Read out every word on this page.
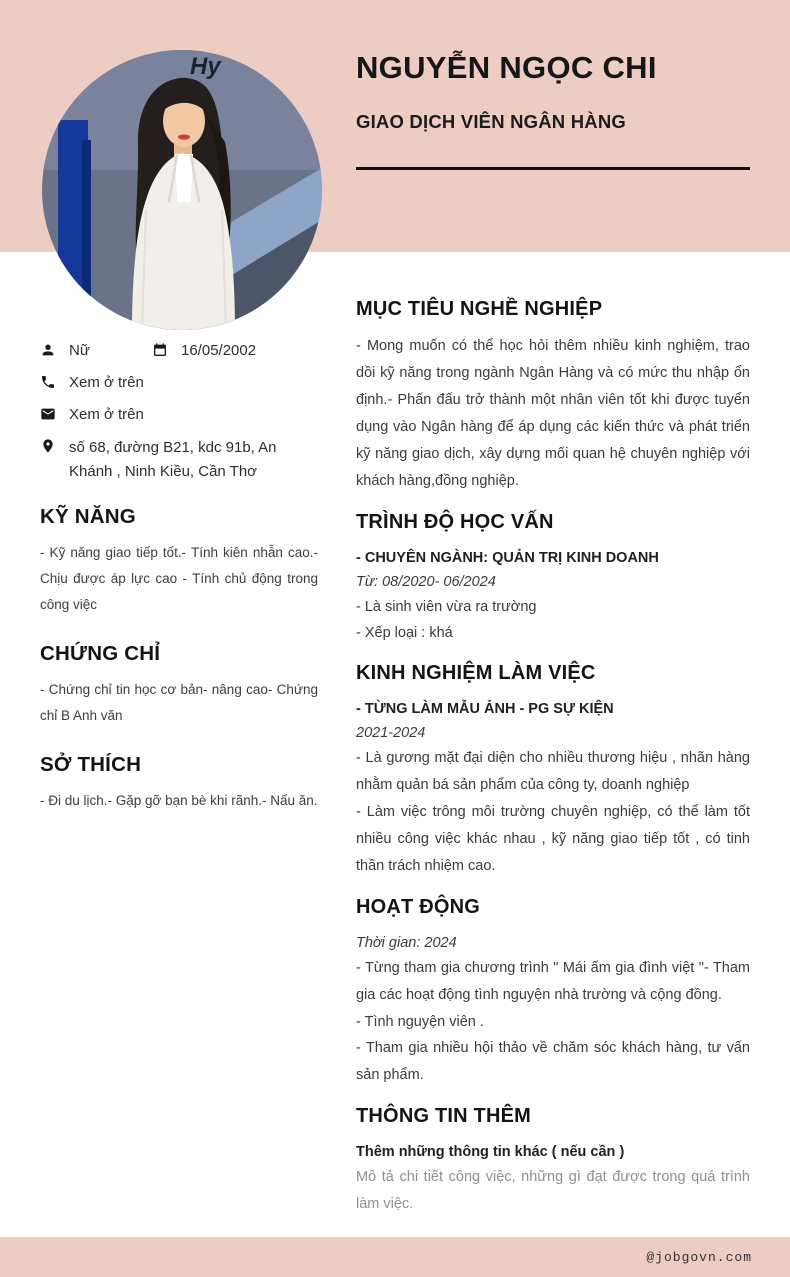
Hy	NGUYỄN NGỌC CHI
GIAO DỊCH VIÊN NGÂN HÀNG
Nữ	16/05/2002
Xem ở trên
Xem ở trên
số 68, đường B21, kdc 91b, An Khánh , Ninh Kiều, Cần Thơ
KỸ NĂNG

- Kỹ năng giao tiếp tốt.- Tính kiên nhẫn cao.- Chịu được áp lực cao - Tính chủ động trong công việc

CHỨNG CHỈ

- Chứng chỉ tin học cơ bản- nâng cao- Chứng chỉ B Anh văn

SỞ THÍCH

- Đi du lịch.- Gặp gỡ bạn bè khi rãnh.- Nấu ăn.

MỤC TIÊU NGHỀ NGHIỆP

- Mong muốn có thể học hỏi thêm nhiều kinh nghiệm, trao dồi kỹ năng trong ngành Ngân Hàng và có mức thu nhập ổn định.- Phấn đấu trở thành một nhân viên tốt khi được tuyển dụng vào Ngân hàng để áp dụng các kiến thức và phát triển kỹ năng giao dịch, xây dựng mối quan hệ chuyên nghiệp với khách hàng,đồng nghiệp.

TRÌNH ĐỘ HỌC VẤN

- CHUYÊN NGÀNH: QUẢN TRỊ KINH DOANH

Từ: 08/2020- 06/2024

- Là sinh viên vừa ra trường

- Xếp loại : khá

KINH NGHIỆM LÀM VIỆC

- TỪNG LÀM MẪU ẢNH - PG SỰ KIỆN

2021-2024

- Là gương mặt đại diện cho nhiều thương hiệu , nhãn hàng nhằm quản bá sản phẩm của công ty, doanh nghiệp

- Làm việc trông môi trường chuyên nghiệp, có thể làm tốt nhiều công việc khác nhau , kỹ năng giao tiếp tốt , có tinh thần trách nhiệm cao.

HOẠT ĐỘNG

Thời gian: 2024

- Từng tham gia chương trình " Mái ấm gia đình việt "- Tham gia các hoạt động tình nguyện nhà trường và cộng đồng.

- Tình nguyện viên .

- Tham gia nhiều hội thảo về chăm sóc khách hàng, tư vấn sản phẩm.

THÔNG TIN THÊM

Thêm những thông tin khác ( nếu cần )

Mô tả chi tiết công việc, những gì đạt được trong quá trình làm việc.

@jobgovn.com
